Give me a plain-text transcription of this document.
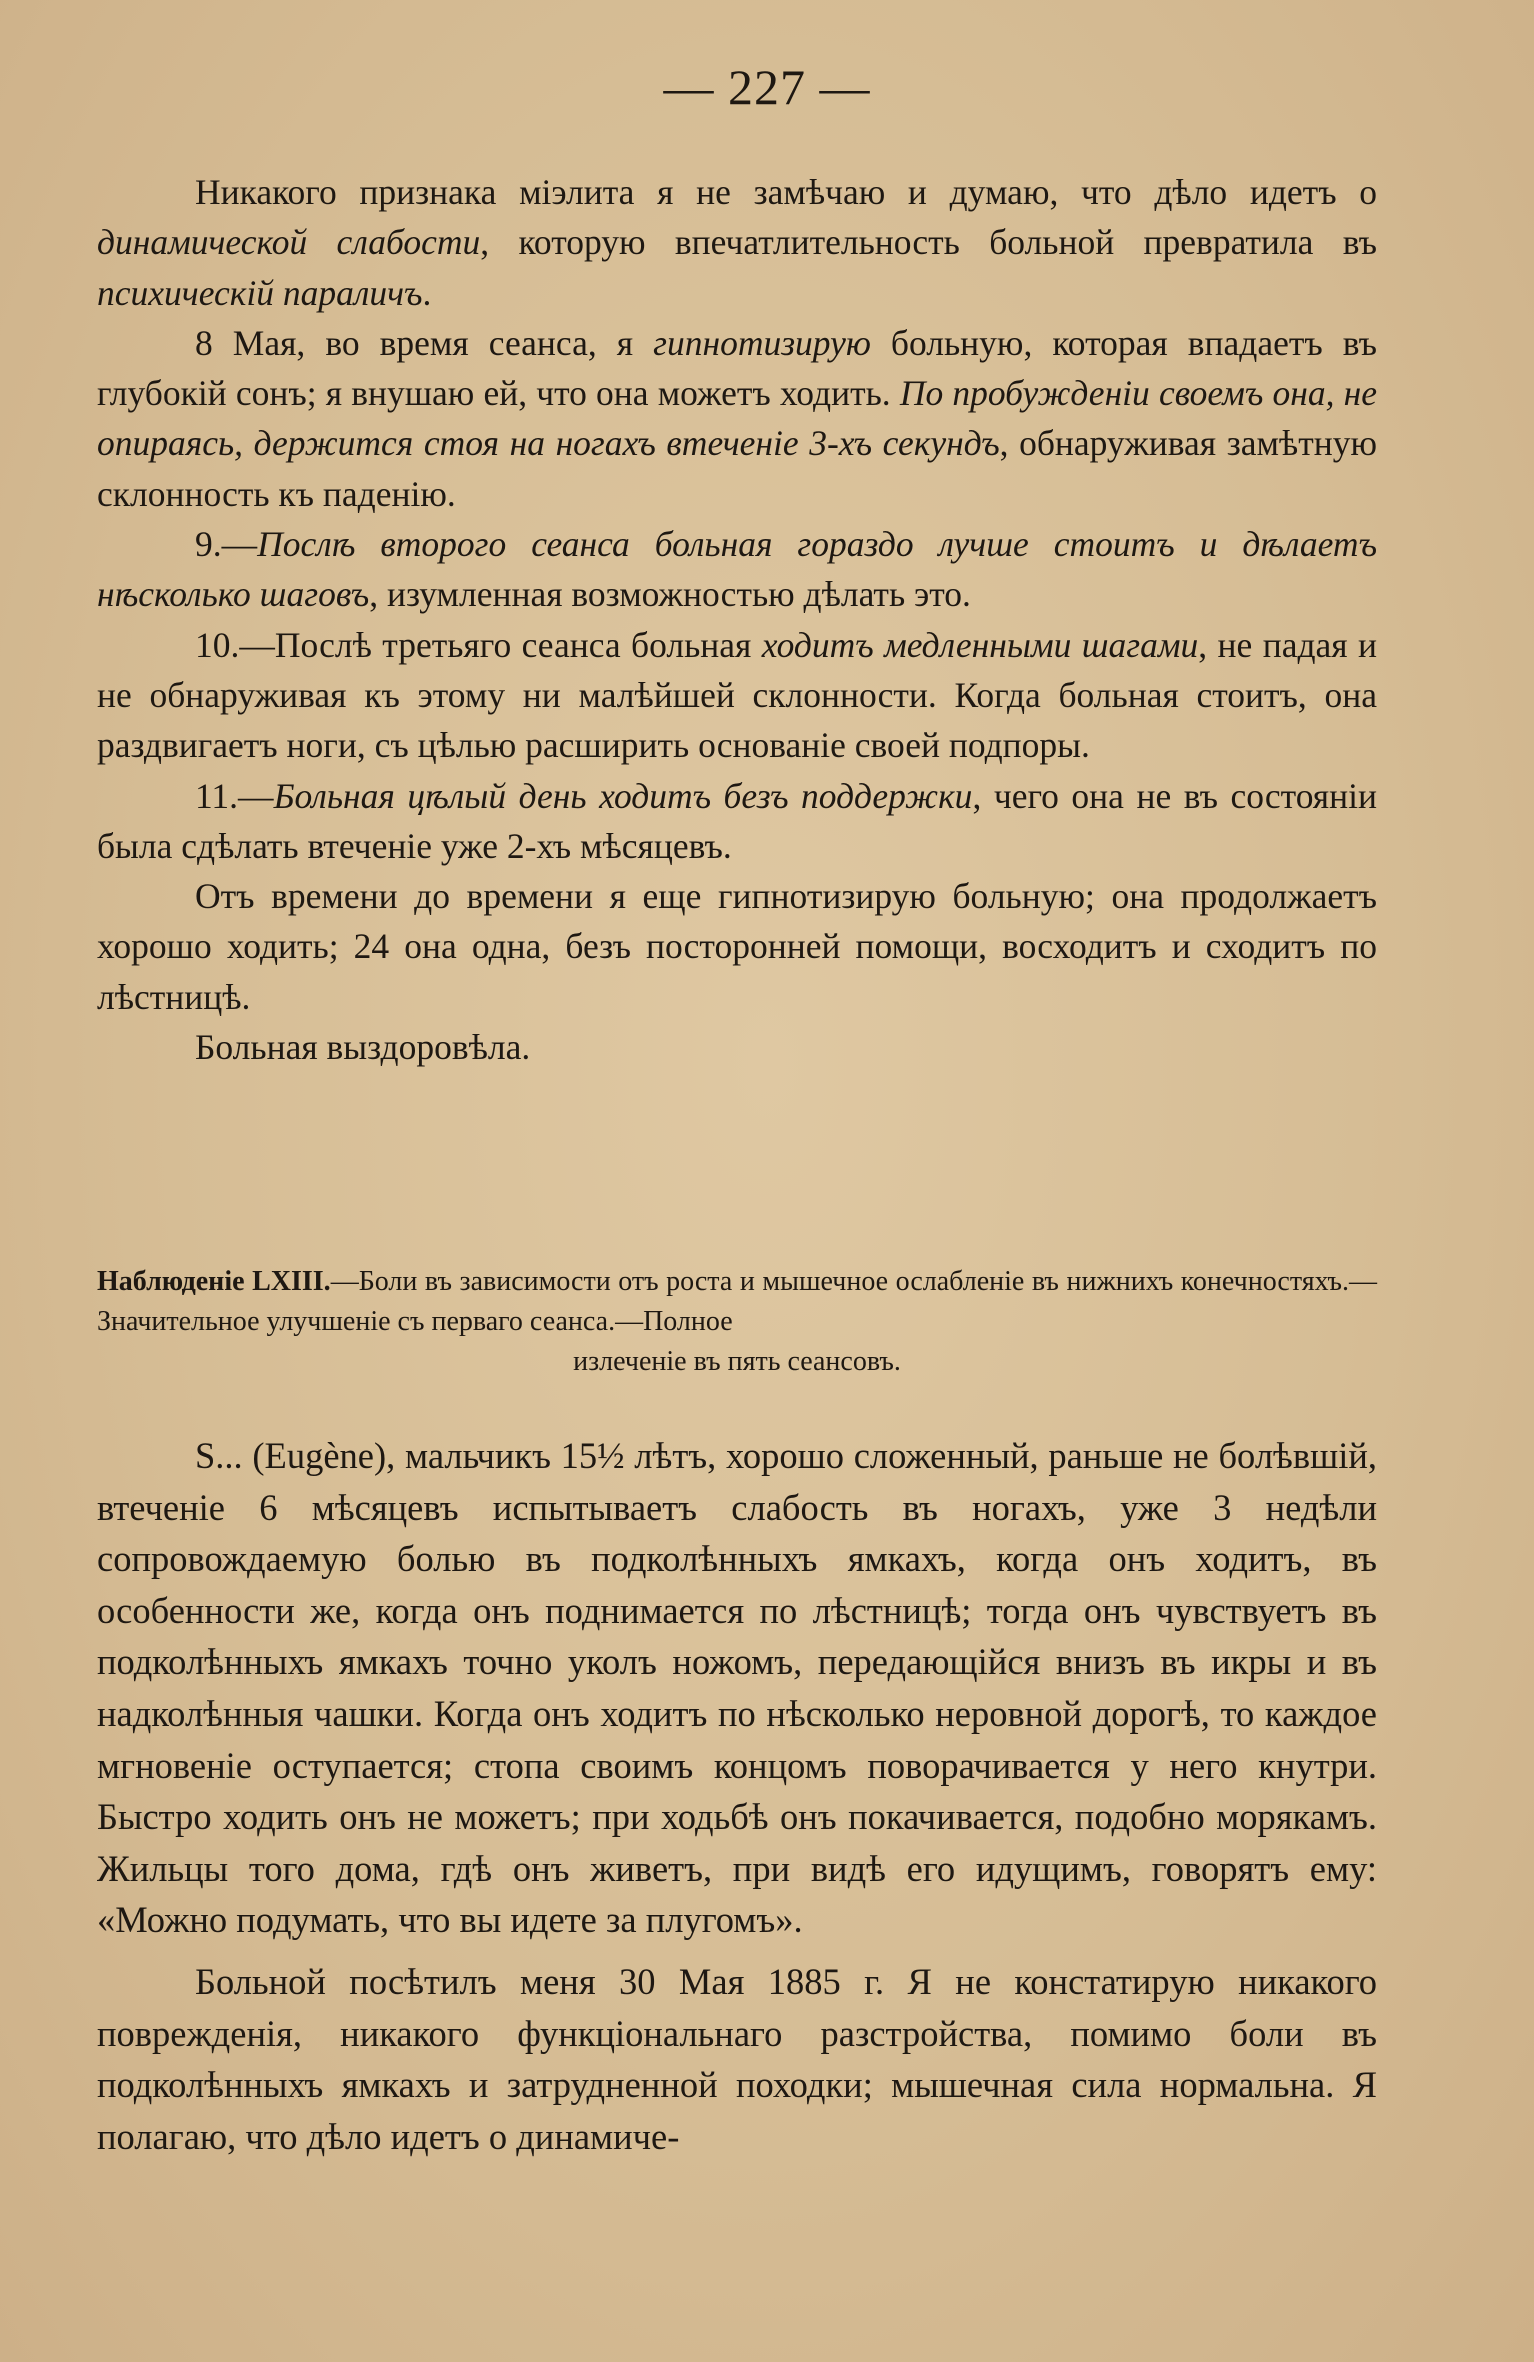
— 227 —

Никакого признака міэлита я не замѣчаю и думаю, что дѣло идетъ о динамической слабости, которую впечатлительность больной превратила въ психическій параличъ.

8 Мая, во время сеанса, я гипнотизирую больную, которая впадаетъ въ глубокій сонъ; я внушаю ей, что она можетъ ходить. По пробужденіи своемъ она, не опираясь, держится стоя на ногахъ втеченіе 3-хъ секундъ, обнаруживая замѣтную склонность къ паденію.

9.—Послѣ второго сеанса больная гораздо лучше стоитъ и дѣлаетъ нѣсколько шаговъ, изумленная возможностью дѣлать это.

10.—Послѣ третьяго сеанса больная ходитъ медленными шагами, не падая и не обнаруживая къ этому ни малѣйшей склонности. Когда больная стоитъ, она раздвигаетъ ноги, съ цѣлью расширить основаніе своей подпоры.

11.—Больная цѣлый день ходитъ безъ поддержки, чего она не въ состояніи была сдѣлать втеченіе уже 2-хъ мѣсяцевъ.

Отъ времени до времени я еще гипнотизирую больную; она продолжаетъ хорошо ходить; 24 она одна, безъ посторонней помощи, восходитъ и сходитъ по лѣстницѣ.

Больная выздоровѣла.

Наблюденіе LXIII.—Боли въ зависимости отъ роста и мышечное ослабленіе въ нижнихъ конечностяхъ.—Значительное улучшеніе съ перваго сеанса.—Полное
излеченіе въ пять сеансовъ.

S... (Eugène), мальчикъ 15½ лѣтъ, хорошо сложенный, раньше не болѣвшій, втеченіе 6 мѣсяцевъ испытываетъ слабость въ ногахъ, уже 3 недѣли сопровождаемую болью въ подколѣнныхъ ямкахъ, когда онъ ходитъ, въ особенности же, когда онъ поднимается по лѣстницѣ; тогда онъ чувствуетъ въ подколѣнныхъ ямкахъ точно уколъ ножомъ, передающійся внизъ въ икры и въ надколѣнныя чашки. Когда онъ ходитъ по нѣсколько неровной дорогѣ, то каждое мгновеніе оступается; стопа своимъ концомъ поворачивается у него кнутри. Быстро ходить онъ не можетъ; при ходьбѣ онъ покачивается, подобно морякамъ. Жильцы того дома, гдѣ онъ живетъ, при видѣ его идущимъ, говорятъ ему: «Можно подумать, что вы идете за плугомъ».

Больной посѣтилъ меня 30 Мая 1885 г. Я не констатирую никакого поврежденія, никакого функціональнаго разстройства, помимо боли въ подколѣнныхъ ямкахъ и затрудненной походки; мышечная сила нормальна. Я полагаю, что дѣло идетъ о динамиче-
